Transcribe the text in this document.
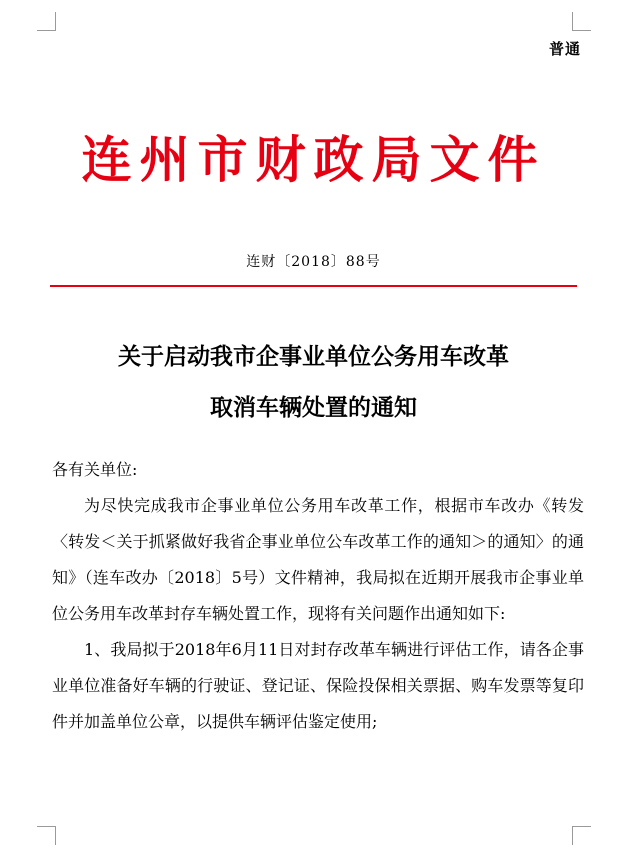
普通
连州市财政局文件
连财〔2018〕88号
关于启动我市企事业单位公务用车改革
取消车辆处置的通知

各有关单位:

为尽快完成我市企事业单位公务用车改革工作，根据市车改办《转发〈转发＜关于抓紧做好我省企事业单位公车改革工作的通知＞的通知〉的通知》（连车改办〔2018〕5号）文件精神，我局拟在近期开展我市企事业单位公务用车改革封存车辆处置工作，现将有关问题作出通知如下:

1、我局拟于2018年6月11日对封存改革车辆进行评估工作，请各企事业单位准备好车辆的行驶证、登记证、保险投保相关票据、购车发票等复印件并加盖单位公章，以提供车辆评估鉴定使用;
